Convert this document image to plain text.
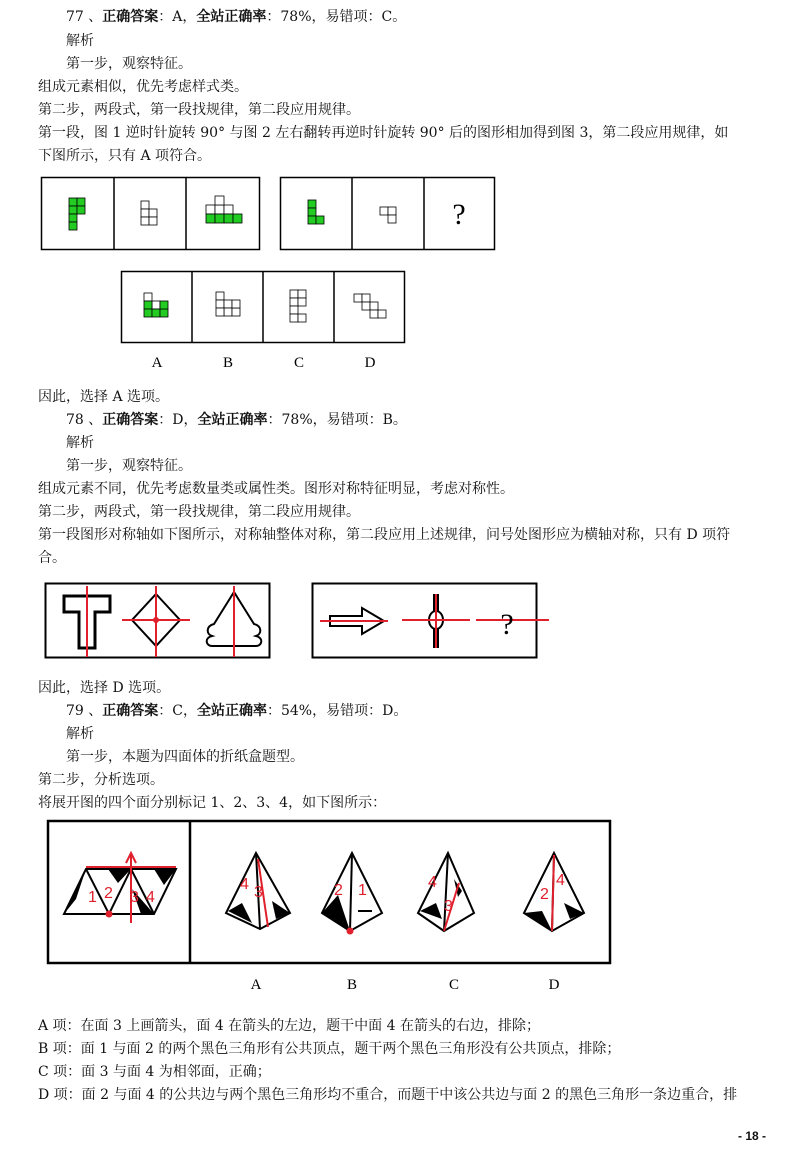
77 、正确答案：A，全站正确率：78%，易错项：C。
解析
第一步，观察特征。
组成元素相似，优先考虑样式类。
第二步，两段式，第一段找规律，第二段应用规律。
第一段，图 1 逆时针旋转 90° 与图 2 左右翻转再逆时针旋转 90° 后的图形相加得到图 3，第二段应用规律，如
下图所示，只有 A 项符合。
?
A	B	C	D
因此，选择 A 选项。
78 、正确答案：D，全站正确率：78%，易错项：B。
解析
第一步，观察特征。
组成元素不同，优先考虑数量类或属性类。图形对称特征明显，考虑对称性。
第二步，两段式，第一段找规律，第二段应用规律。
第一段图形对称轴如下图所示，对称轴整体对称，第二段应用上述规律，问号处图形应为横轴对称，只有 D 项符
合。
?
因此，选择 D 选项。
79 、正确答案：C，全站正确率：54%，易错项：D。
解析
第一步，本题为四面体的折纸盒题型。
第二步，分析选项。
将展开图的四个面分别标记 1、2、3、4，如下图所示：
1 2 3 4
4 3	2 1	4
3
2
4
A	B	C	D
A 项：在面 3 上画箭头，面 4 在箭头的左边，题干中面 4 在箭头的右边，排除；
B 项：面 1 与面 2 的两个黑色三角形有公共顶点，题干两个黑色三角形没有公共顶点，排除；
C 项：面 3 与面 4 为相邻面，正确；
D 项：面 2 与面 4 的公共边与两个黑色三角形均不重合，而题干中该公共边与面 2 的黑色三角形一条边重合，排
- 18 -
